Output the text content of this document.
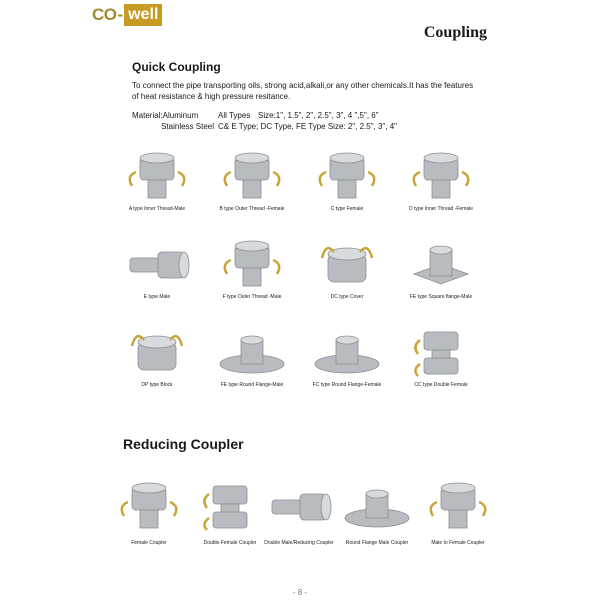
CO - well
Coupling
Quick Coupling
To connect the pipe transporting oils, strong acid,alkali,or any other chemicals.It has the features of heat resistance & high pressure resitance.
Material:Aluminum	All Types Size:1", 1.5", 2", 2.5", 3", 4 ",5", 6"
Stainless Steel C& E Type; DC Type, FE Type Size: 2", 2.5", 3", 4"
A type Inner Thread-Male	B type Outer Thread -Female	C type Female	D type Inner Thread -Female
E type Male	F type Outer Thread -Male	DC type Cover	FE type Square flange-Male
DP type Block	FE type Round Flange-Male	FC type Round Flange-Female	CC type Double Female
Reducing Coupler
Female Coupler	Double Female Coupler	Double Male/Reducing Coupler	Round Flange Male Coupler	Male to Female Coupler
- 8 -
